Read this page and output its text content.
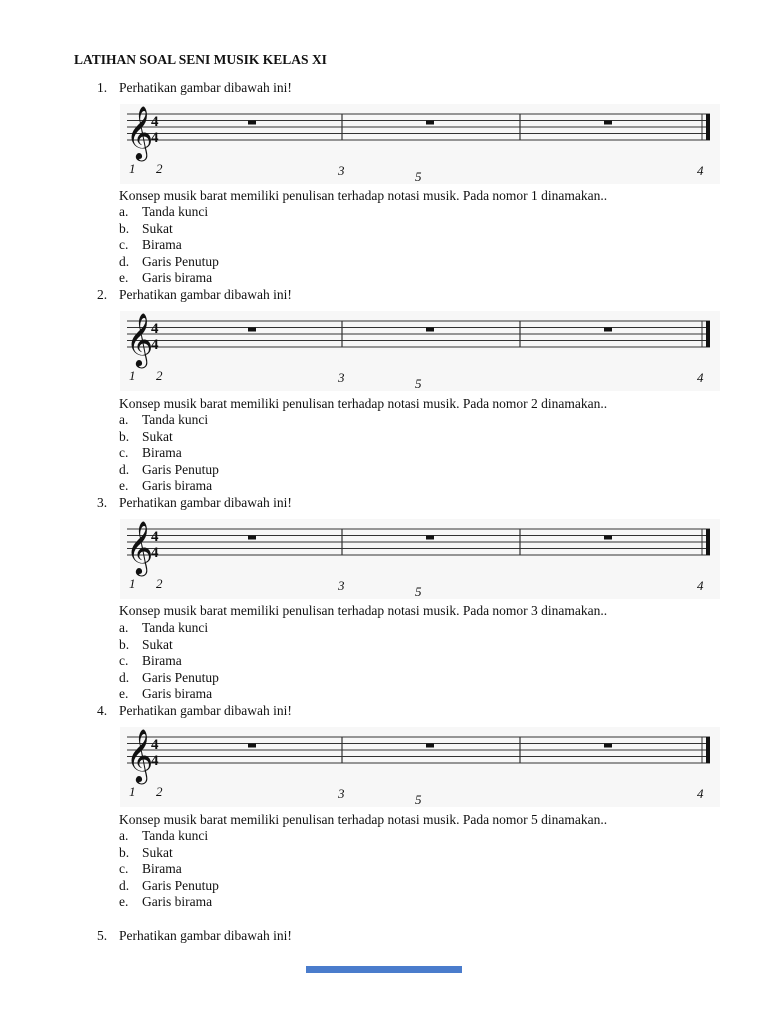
LATIHAN SOAL SENI MUSIK KELAS XI
1. Perhatikan gambar dibawah ini!
𝄞
4
4
1 2	3	5	4
Konsep musik barat memiliki penulisan terhadap notasi musik. Pada nomor 1 dinamakan..
a. Tanda kunci
b. Sukat
c. Birama
d. Garis Penutup
e. Garis birama
2. Perhatikan gambar dibawah ini!
𝄞
4
4
1 2	3	5	4
Konsep musik barat memiliki penulisan terhadap notasi musik. Pada nomor 2 dinamakan..
a. Tanda kunci
b. Sukat
c. Birama
d. Garis Penutup
e. Garis birama
3. Perhatikan gambar dibawah ini!
𝄞
4
4
1 2	3	5	4
Konsep musik barat memiliki penulisan terhadap notasi musik. Pada nomor 3 dinamakan..
a. Tanda kunci
b. Sukat
c. Birama
d. Garis Penutup
e. Garis birama
4. Perhatikan gambar dibawah ini!
𝄞
4
4
1 2	3	5	4
Konsep musik barat memiliki penulisan terhadap notasi musik. Pada nomor 5 dinamakan..
a. Tanda kunci
b. Sukat
c. Birama
d. Garis Penutup
e. Garis birama
5. Perhatikan gambar dibawah ini!
